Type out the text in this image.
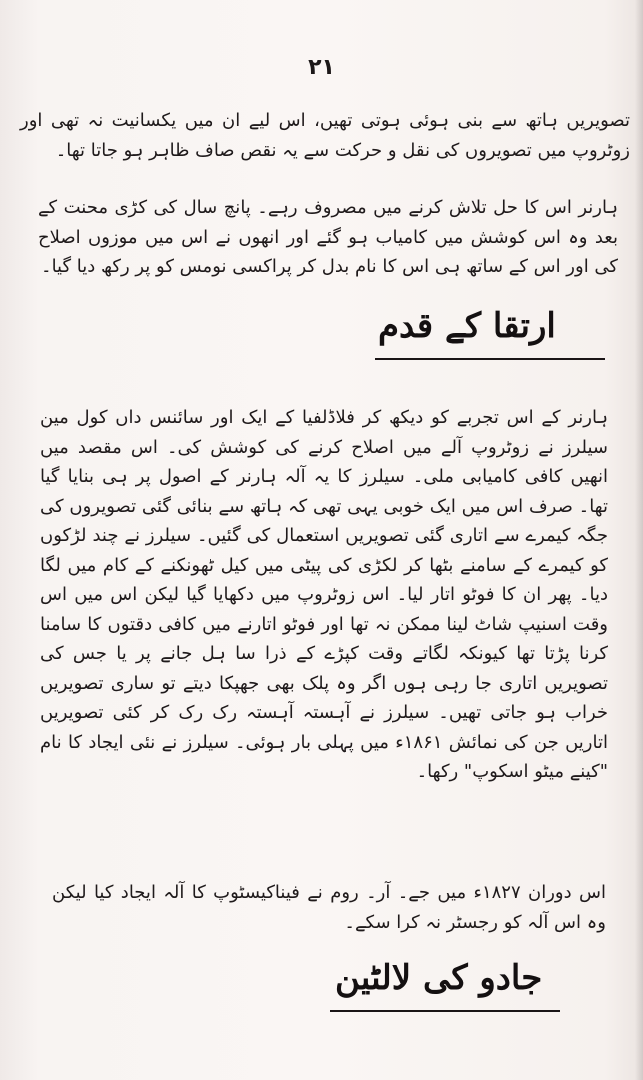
۲۱

تصویریں ہاتھ سے بنی ہوئی ہوتی تھیں، اس لیے ان میں یکسانیت نہ تھی اور زوٹروپ میں تصویروں کی نقل و حرکت سے یہ نقص صاف ظاہر ہو جاتا تھا۔

ہارنر اس کا حل تلاش کرنے میں مصروف رہے۔ پانچ سال کی کڑی محنت کے بعد وہ اس کوشش میں کامیاب ہو گئے اور انھوں نے اس میں موزوں اصلاح کی اور اس کے ساتھ ہی اس کا نام بدل کر پراکسی نومس کو پر رکھ دیا گیا۔

ارتقا کے قدم

ہارنر کے اس تجربے کو دیکھ کر فلاڈلفیا کے ایک اور سائنس داں کول مین سیلرز نے زوٹروپ آلے میں اصلاح کرنے کی کوشش کی۔ اس مقصد میں انھیں کافی کامیابی ملی۔ سیلرز کا یہ آلہ ہارنر کے اصول پر ہی بنایا گیا تھا۔ صرف اس میں ایک خوبی یہی تھی کہ ہاتھ سے بنائی گئی تصویروں کی جگہ کیمرے سے اتاری گئی تصویریں استعمال کی گئیں۔ سیلرز نے چند لڑکوں کو کیمرے کے سامنے بٹھا کر لکڑی کی پیٹی میں کیل ٹھونکنے کے کام میں لگا دیا۔ پھر ان کا فوٹو اتار لیا۔ اس زوٹروپ میں دکھایا گیا لیکن اس میں اس وقت اسنیپ شاٹ لینا ممکن نہ تھا اور فوٹو اتارنے میں کافی دقتوں کا سامنا کرنا پڑتا تھا کیونکہ لگاتے وقت کپڑے کے ذرا سا ہل جانے پر یا جس کی تصویریں اتاری جا رہی ہوں اگر وہ پلک بھی جھپکا دیتے تو ساری تصویریں خراب ہو جاتی تھیں۔ سیلرز نے آہستہ آہستہ رک رک کر کئی تصویریں اتاریں جن کی نمائش ۱۸۶۱ء میں پہلی بار ہوئی۔ سیلرز نے نئی ایجاد کا نام "کینے میٹو اسکوپ" رکھا۔

اس دوران ۱۸۲۷ء میں جے۔ آر۔ روم نے فیناکیسٹوپ کا آلہ ایجاد کیا لیکن وہ اس آلہ کو رجسٹر نہ کرا سکے۔

جادو کی لالٹین
